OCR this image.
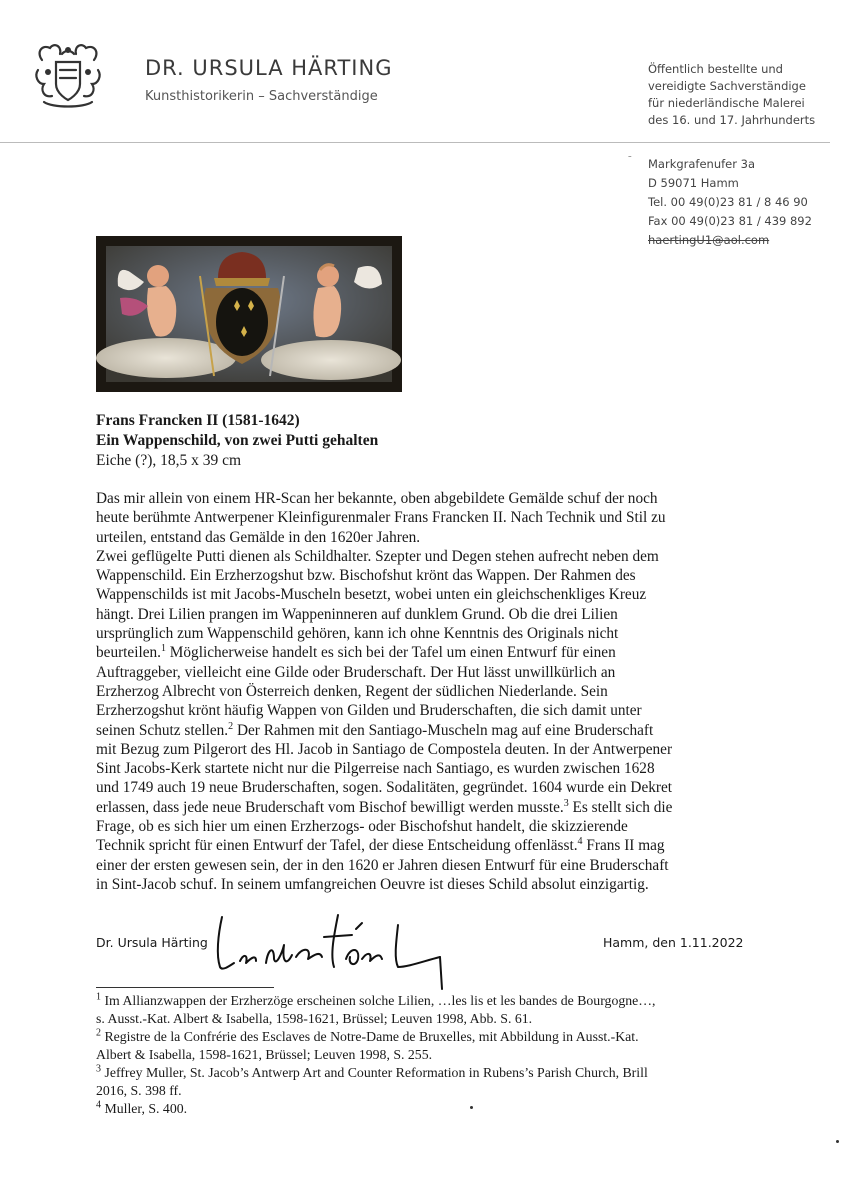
DR. URSULA HÄRTING
Kunsthistorikerin – Sachverständige
Öffentlich bestellte und
vereidigte Sachverständige
für niederländische Malerei
des 16. und 17. Jahrhunderts
‐
Markgrafenufer 3a
D 59071 Hamm
Tel. 00 49(0)23 81 / 8 46 90
Fax 00 49(0)23 81 / 439 892
haertingU1@aol.com
Frans Francken II (1581-1642)
Ein Wappenschild, von zwei Putti gehalten
Eiche (?), 18,5 x 39 cm

Das mir allein von einem HR-Scan her bekannte, oben abgebildete Gemälde schuf der noch

heute berühmte Antwerpener Kleinfigurenmaler Frans Francken II. Nach Technik und Stil zu

urteilen, entstand das Gemälde in den 1620er Jahren.

Zwei geflügelte Putti dienen als Schildhalter. Szepter und Degen stehen aufrecht neben dem

Wappenschild. Ein Erzherzogshut bzw. Bischofshut krönt das Wappen. Der Rahmen des

Wappenschilds ist mit Jacobs-Muscheln besetzt, wobei unten ein gleichschenkliges Kreuz

hängt. Drei Lilien prangen im Wappeninneren auf dunklem Grund. Ob die drei Lilien

ursprünglich zum Wappenschild gehören, kann ich ohne Kenntnis des Originals nicht

beurteilen.$^1$ Möglicherweise handelt es sich bei der Tafel um einen Entwurf für einen

Auftraggeber, vielleicht eine Gilde oder Bruderschaft. Der Hut lässt unwillkürlich an

Erzherzog Albrecht von Österreich denken, Regent der südlichen Niederlande. Sein

Erzherzogshut krönt häufig Wappen von Gilden und Bruderschaften, die sich damit unter

seinen Schutz stellen.$^2$ Der Rahmen mit den Santiago-Muscheln mag auf eine Bruderschaft

mit Bezug zum Pilgerort des Hl. Jacob in Santiago de Compostela deuten. In der Antwerpener

Sint Jacobs-Kerk startete nicht nur die Pilgerreise nach Santiago, es wurden zwischen 1628

und 1749 auch 19 neue Bruderschaften, sogen. Sodalitäten, gegründet. 1604 wurde ein Dekret

erlassen, dass jede neue Bruderschaft vom Bischof bewilligt werden musste.$^3$ Es stellt sich die

Frage, ob es sich hier um einen Erzherzogs- oder Bischofshut handelt, die skizzierende

Technik spricht für einen Entwurf der Tafel, der diese Entscheidung offenlässt.$^4$ Frans II mag

einer der ersten gewesen sein, der in den 1620 er Jahren diesen Entwurf für eine Bruderschaft

in Sint-Jacob schuf. In seinem umfangreichen Oeuvre ist dieses Schild absolut einzigartig.

Dr. Ursula Härting	Hamm, den 1.11.2022

$^1$ Im Allianzwappen der Erzherzöge erscheinen solche Lilien, …les lis et les bandes de Bourgogne…,
s. Ausst.-Kat. Albert & Isabella, 1598-1621, Brüssel; Leuven 1998, Abb. S. 61.

$^2$ Registre de la Confrérie des Esclaves de Notre-Dame de Bruxelles, mit Abbildung in Ausst.-Kat.
Albert & Isabella, 1598-1621, Brüssel; Leuven 1998, S. 255.

$^3$ Jeffrey Muller, St. Jacob’s Antwerp Art and Counter Reformation in Rubens’s Parish Church, Brill
2016, S. 398 ff.

$^4$ Muller, S. 400.
